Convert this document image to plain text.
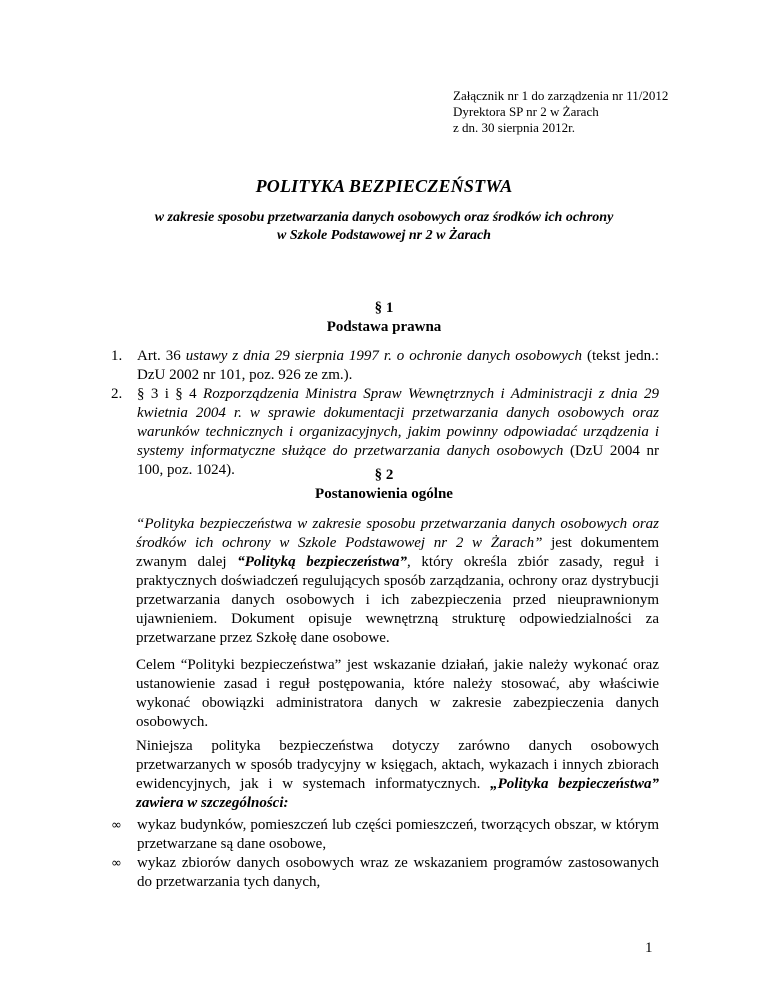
Załącznik nr 1 do zarządzenia nr 11/2012
Dyrektora SP nr 2 w Żarach
z dn. 30 sierpnia 2012r.
POLITYKA BEZPIECZEŃSTWA
w zakresie sposobu przetwarzania danych osobowych oraz środków ich ochrony
w Szkole Podstawowej nr 2 w Żarach
§ 1
Podstawa prawna
1. Art. 36 ustawy z dnia 29 sierpnia 1997 r. o ochronie danych osobowych (tekst jedn.: DzU 2002 nr 101, poz. 926 ze zm.).
2. § 3 i § 4 Rozporządzenia Ministra Spraw Wewnętrznych i Administracji z dnia 29 kwietnia 2004 r. w sprawie dokumentacji przetwarzania danych osobowych oraz warunków technicznych i organizacyjnych, jakim powinny odpowiadać urządzenia i systemy informatyczne służące do przetwarzania danych osobowych (DzU 2004 nr 100, poz. 1024).	§ 2
Postanowienia ogólne

“Polityka bezpieczeństwa w zakresie sposobu przetwarzania danych osobowych oraz środków ich ochrony w Szkole Podstawowej nr 2 w Żarach” jest dokumentem zwanym dalej “Polityką bezpieczeństwa”, który określa zbiór zasady, reguł i praktycznych doświadczeń regulujących sposób zarządzania, ochrony oraz dystrybucji przetwarzania danych osobowych i ich zabezpieczenia przed nieuprawnionym ujawnieniem. Dokument opisuje wewnętrzną strukturę odpowiedzialności za przetwarzane przez Szkołę dane osobowe.

Celem “Polityki bezpieczeństwa” jest wskazanie działań, jakie należy wykonać oraz ustanowienie zasad i reguł postępowania, które należy stosować, aby właściwie wykonać obowiązki administratora danych w zakresie zabezpieczenia danych osobowych.

Niniejsza polityka bezpieczeństwa dotyczy zarówno danych osobowych przetwarzanych w sposób tradycyjny w księgach, aktach, wykazach i innych zbiorach ewidencyjnych, jak i w systemach informatycznych. „Polityka bezpieczeństwa” zawiera w szczególności:

∞ wykaz budynków, pomieszczeń lub części pomieszczeń, tworzących obszar, w którym przetwarzane są dane osobowe,
∞ wykaz zbiorów danych osobowych wraz ze wskazaniem programów zastosowanych do przetwarzania tych danych,
1
